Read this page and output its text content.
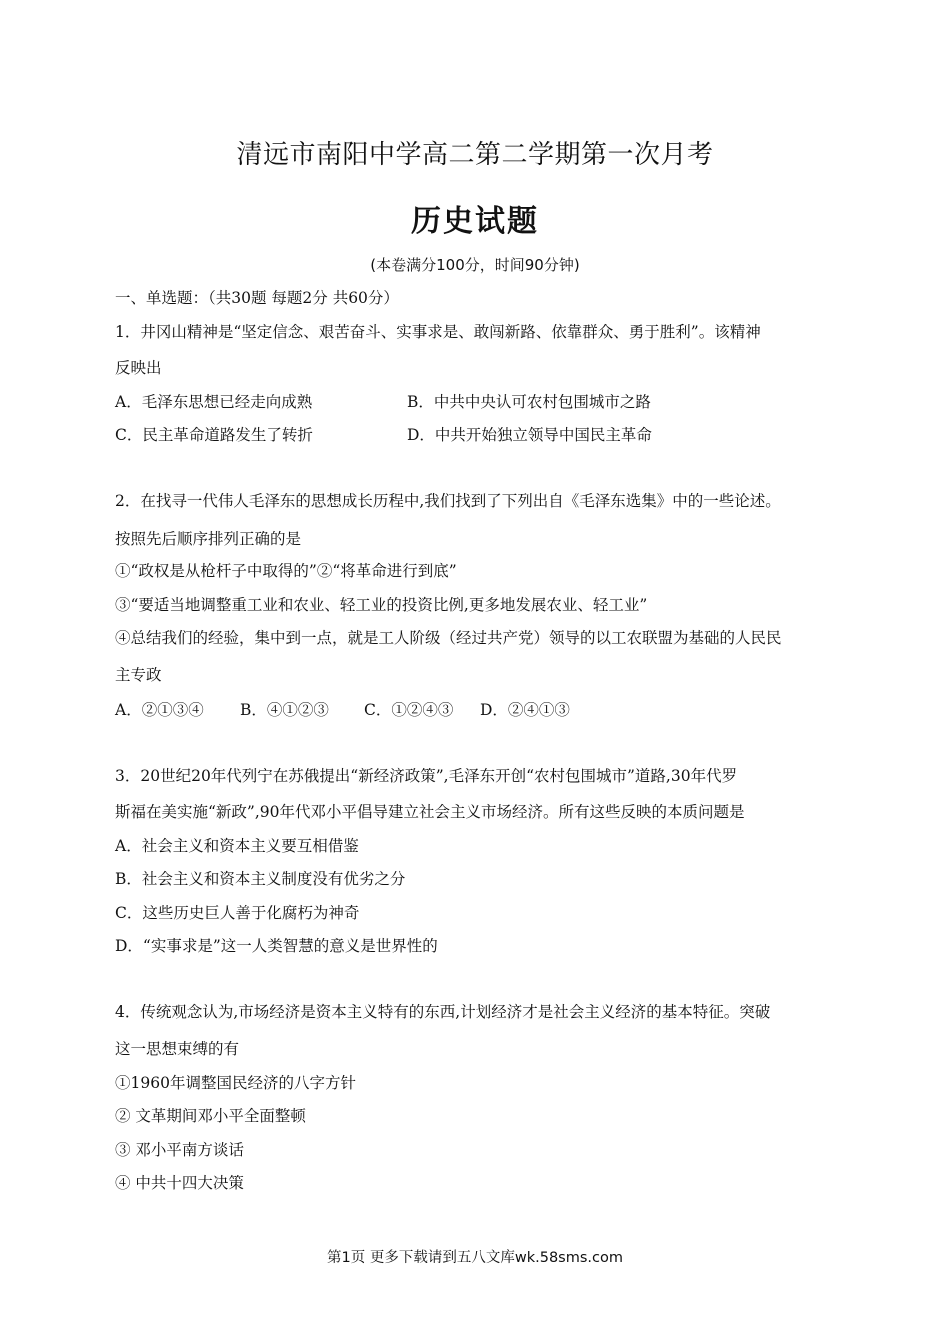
清远市南阳中学高二第二学期第一次月考
历史试题
(本卷满分100分，时间90分钟)
一、单选题：（共30题 每题2分 共60分）
1．井冈山精神是“坚定信念、艰苦奋斗、实事求是、敢闯新路、依靠群众、勇于胜利”。该精神
反映出
A．毛泽东思想已经走向成熟	B．中共中央认可农村包围城市之路
C．民主革命道路发生了转折	D．中共开始独立领导中国民主革命
2．在找寻一代伟人毛泽东的思想成长历程中,我们找到了下列出自《毛泽东选集》中的一些论述。
按照先后顺序排列正确的是
①“政权是从枪杆子中取得的”②“将革命进行到底”
③“要适当地调整重工业和农业、轻工业的投资比例,更多地发展农业、轻工业”
④总结我们的经验，集中到一点，就是工人阶级（经过共产党）领导的以工农联盟为基础的人民民
主专政
A．②①③④ B．④①②③ C．①②④③ D．②④①③
3．20世纪20年代列宁在苏俄提出“新经济政策”,毛泽东开创“农村包围城市”道路,30年代罗
斯福在美实施“新政”,90年代邓小平倡导建立社会主义市场经济。所有这些反映的本质问题是
A．社会主义和资本主义要互相借鉴
B．社会主义和资本主义制度没有优劣之分
C．这些历史巨人善于化腐朽为神奇
D．“实事求是”这一人类智慧的意义是世界性的
4．传统观念认为,市场经济是资本主义特有的东西,计划经济才是社会主义经济的基本特征。突破
这一思想束缚的有
①1960年调整国民经济的八字方针
② 文革期间邓小平全面整顿
③ 邓小平南方谈话
④ 中共十四大决策
第1页 更多下载请到五八文库wk.58sms.com
